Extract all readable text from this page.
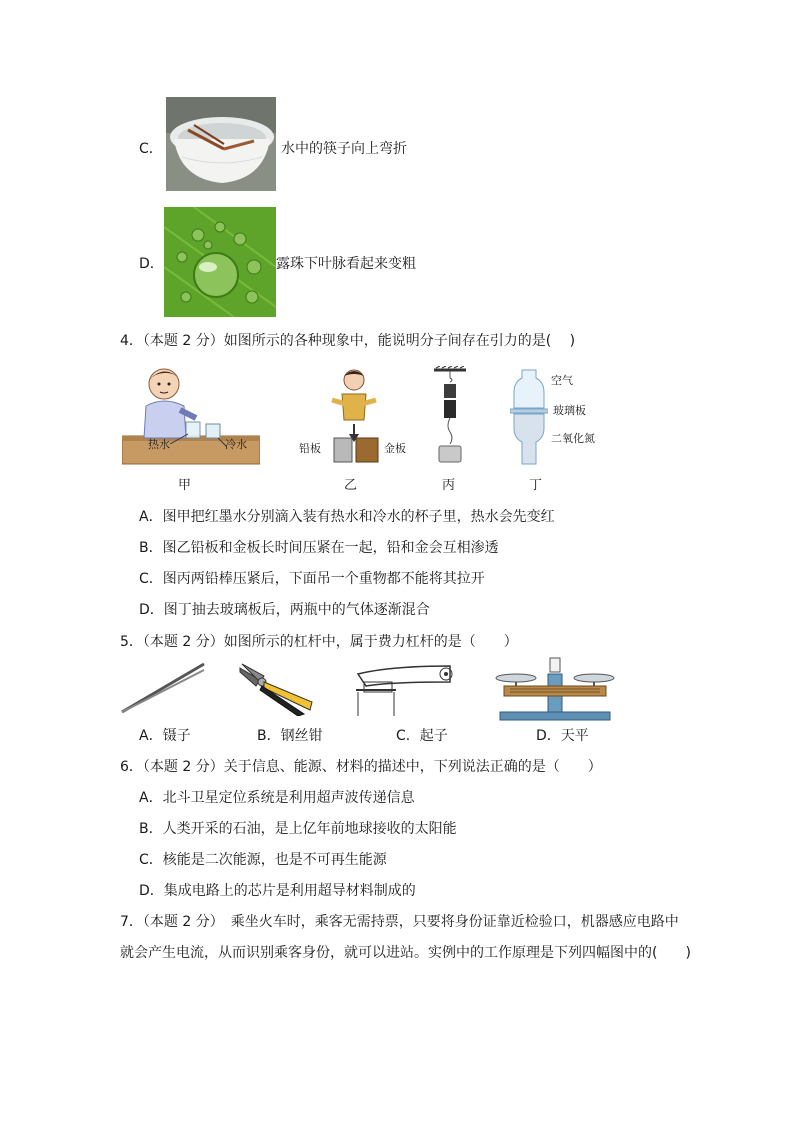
C．	水中的筷子向上弯折
D．	露珠下叶脉看起来变粗
4．（本题 2 分）如图所示的各种现象中，能说明分子间存在引力的是(　 )
热水	冷水
甲
铅板	金板
乙	丙
空气
玻璃板
二氧化氮
丁
A．图甲把红墨水分别滴入装有热水和冷水的杯子里，热水会先变红
B．图乙铅板和金板长时间压紧在一起，铅和金会互相渗透
C．图丙两铅棒压紧后，下面吊一个重物都不能将其拉开
D．图丁抽去玻璃板后，两瓶中的气体逐渐混合
5．（本题 2 分）如图所示的杠杆中，属于费力杠杆的是（　　）
A．镊子	B．钢丝钳	C．起子	D．天平
6．（本题 2 分）关于信息、能源、材料的描述中，下列说法正确的是（　　）
A．北斗卫星定位系统是利用超声波传递信息
B．人类开采的石油，是上亿年前地球接收的太阳能
C．核能是二次能源，也是不可再生能源
D．集成电路上的芯片是利用超导材料制成的
7．（本题 2 分）　乘坐火车时，乘客无需持票，只要将身份证靠近检验口，机器感应电路中
就会产生电流，从而识别乘客身份，就可以进站。实例中的工作原理是下列四幅图中的(　　)
